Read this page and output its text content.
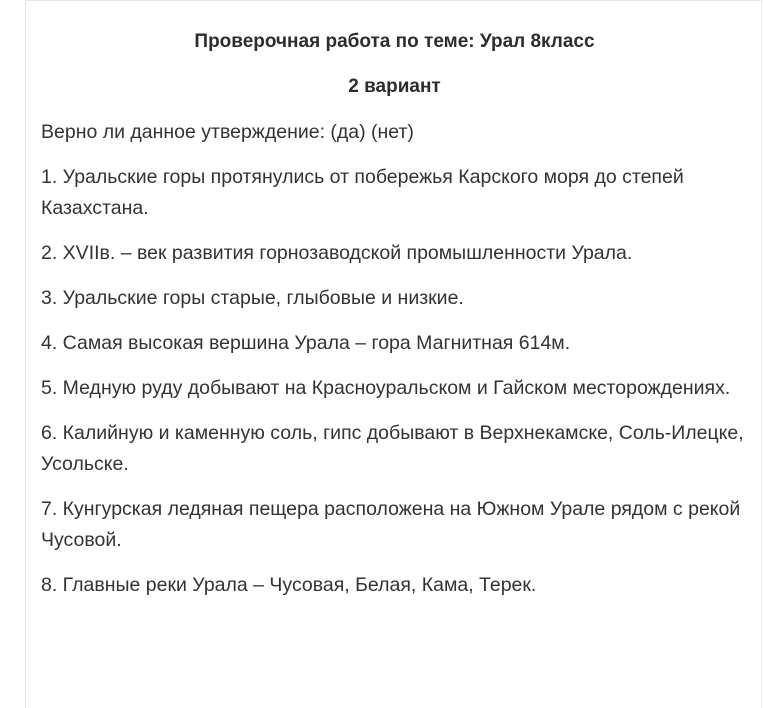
Проверочная работа по теме: Урал 8класс
2 вариант

Верно ли данное утверждение: (да) (нет)

1. Уральские горы протянулись от побережья Карского моря до степей Казахстана.

2. XVIIв. – век развития горнозаводской промышленности Урала.

3. Уральские горы старые, глыбовые и низкие.

4. Самая высокая вершина Урала – гора Магнитная 614м.

5. Медную руду добывают на Красноуральском и Гайском месторождениях.

6. Калийную и каменную соль, гипс добывают в Верхнекамске, Соль-Илецке, Усольске.

7. Кунгурская ледяная пещера расположена на Южном Урале рядом с рекой Чусовой.

8. Главные реки Урала – Чусовая, Белая, Кама, Терек.
